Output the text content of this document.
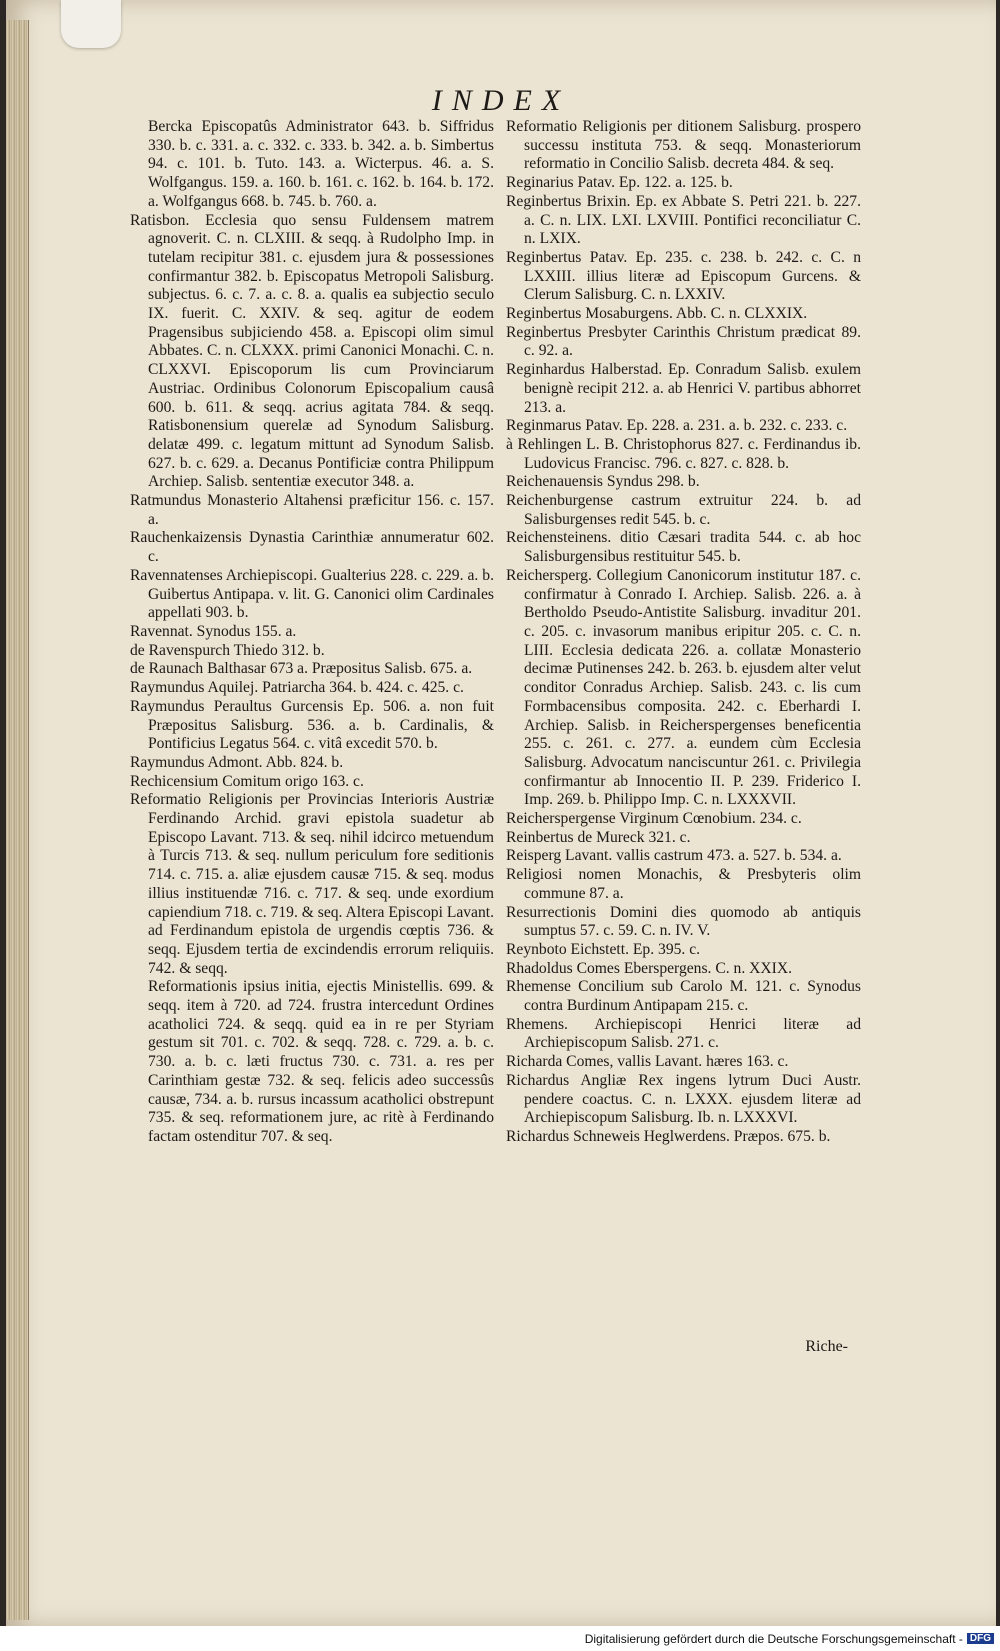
INDEX

Bercka Episcopatûs Administrator 643. b. Siffridus 330. b. c. 331. a. c. 332. c. 333. b. 342. a. b. Simbertus 94. c. 101. b. Tuto. 143. a. Wicterpus. 46. a. S. Wolfgangus. 159. a. 160. b. 161. c. 162. b. 164. b. 172. a. Wolfgangus 668. b. 745. b. 760. a.

Ratisbon. Ecclesia quo sensu Fuldensem matrem agnoverit. C. n. CLXIII. & seqq. à Rudolpho Imp. in tutelam recipitur 381. c. ejusdem jura & possessiones confirmantur 382. b. Episcopatus Metropoli Salisburg. subjectus. 6. c. 7. a. c. 8. a. qualis ea subjectio seculo IX. fuerit. C. XXIV. & seq. agitur de eodem Pragensibus subjiciendo 458. a. Episcopi olim simul Abbates. C. n. CLXXX. primi Canonici Monachi. C. n. CLXXVI. Episcoporum lis cum Provinciarum Austriac. Ordinibus Colonorum Episcopalium causâ 600. b. 611. & seqq. acrius agitata 784. & seqq. Ratisbonensium querelæ ad Synodum Salisburg. delatæ 499. c. legatum mittunt ad Synodum Salisb. 627. b. c. 629. a. Decanus Pontificiæ contra Philippum Archiep. Salisb. sententiæ executor 348. a.

Ratmundus Monasterio Altahensi præficitur 156. c. 157. a.

Rauchenkaizensis Dynastia Carinthiæ annumeratur 602. c.

Ravennatenses Archiepiscopi. Gualterius 228. c. 229. a. b. Guibertus Antipapa. v. lit. G. Canonici olim Cardinales appellati 903. b.

Ravennat. Synodus 155. a.

de Ravenspurch Thiedo 312. b.

de Raunach Balthasar 673 a. Præpositus Salisb. 675. a.

Raymundus Aquilej. Patriarcha 364. b. 424. c. 425. c.

Raymundus Peraultus Gurcensis Ep. 506. a. non fuit Præpositus Salisburg. 536. a. b. Cardinalis, & Pontificius Legatus 564. c. vitâ excedit 570. b.

Raymundus Admont. Abb. 824. b.

Rechicensium Comitum origo 163. c.

Reformatio Religionis per Provincias Interioris Austriæ Ferdinando Archid. gravi epistola suadetur ab Episcopo Lavant. 713. & seq. nihil idcirco metuendum à Turcis 713. & seq. nullum periculum fore seditionis 714. c. 715. a. aliæ ejusdem causæ 715. & seq. modus illius instituendæ 716. c. 717. & seq. unde exordium capiendium 718. c. 719. & seq. Altera Episcopi Lavant. ad Ferdinandum epistola de urgendis cœptis 736. & seqq. Ejusdem tertia de excindendis errorum reliquiis. 742. & seqq.

Reformationis ipsius initia, ejectis Ministellis. 699. & seqq. item à 720. ad 724. frustra intercedunt Ordines acatholici 724. & seqq. quid ea in re per Styriam gestum sit 701. c. 702. & seqq. 728. c. 729. a. b. c. 730. a. b. c. læti fructus 730. c. 731. a. res per Carinthiam gestæ 732. & seq. felicis adeo successûs causæ, 734. a. b. rursus incassum acatholici obstrepunt 735. & seq. reformationem jure, ac ritè à Ferdinando factam ostenditur 707. & seq.

Reformatio Religionis per ditionem Salisburg. prospero successu instituta 753. & seqq. Monasteriorum reformatio in Concilio Salisb. decreta 484. & seq.

Reginarius Patav. Ep. 122. a. 125. b.

Reginbertus Brixin. Ep. ex Abbate S. Petri 221. b. 227. a. C. n. LIX. LXI. LXVIII. Pontifici reconciliatur C. n. LXIX.

Reginbertus Patav. Ep. 235. c. 238. b. 242. c. C. n LXXIII. illius literæ ad Episcopum Gurcens. & Clerum Salisburg. C. n. LXXIV.

Reginbertus Mosaburgens. Abb. C. n. CLXXIX.

Reginbertus Presbyter Carinthis Christum prædicat 89. c. 92. a.

Reginhardus Halberstad. Ep. Conradum Salisb. exulem benignè recipit 212. a. ab Henrici V. partibus abhorret 213. a.

Reginmarus Patav. Ep. 228. a. 231. a. b. 232. c. 233. c.

à Rehlingen L. B. Christophorus 827. c. Ferdinandus ib. Ludovicus Francisc. 796. c. 827. c. 828. b.

Reichenauensis Syndus 298. b.

Reichenburgense castrum extruitur 224. b. ad Salisburgenses redit 545. b. c.

Reichensteinens. ditio Cæsari tradita 544. c. ab hoc Salisburgensibus restituitur 545. b.

Reichersperg. Collegium Canonicorum institutur 187. c. confirmatur à Conrado I. Archiep. Salisb. 226. a. à Bertholdo Pseudo-Antistite Salisburg. invaditur 201. c. 205. c. invasorum manibus eripitur 205. c. C. n. LIII. Ecclesia dedicata 226. a. collatæ Monasterio decimæ Putinenses 242. b. 263. b. ejusdem alter velut conditor Conradus Archiep. Salisb. 243. c. lis cum Formbacensibus composita. 242. c. Eberhardi I. Archiep. Salisb. in Reicherspergenses beneficentia 255. c. 261. c. 277. a. eundem cùm Ecclesia Salisburg. Advocatum nanciscuntur 261. c. Privilegia confirmantur ab Innocentio II. P. 239. Friderico I. Imp. 269. b. Philippo Imp. C. n. LXXXVII.

Reicherspergense Virginum Cœnobium. 234. c.

Reinbertus de Mureck 321. c.

Reisperg Lavant. vallis castrum 473. a. 527. b. 534. a.

Religiosi nomen Monachis, & Presbyteris olim commune 87. a.

Resurrectionis Domini dies quomodo ab antiquis sumptus 57. c. 59. C. n. IV. V.

Reynboto Eichstett. Ep. 395. c.

Rhadoldus Comes Eberspergens. C. n. XXIX.

Rhemense Concilium sub Carolo M. 121. c. Synodus contra Burdinum Antipapam 215. c.

Rhemens. Archiepiscopi Henrici literæ ad Archiepiscopum Salisb. 271. c.

Richarda Comes, vallis Lavant. hæres 163. c.

Richardus Angliæ Rex ingens lytrum Duci Austr. pendere coactus. C. n. LXXX. ejusdem literæ ad Archiepiscopum Salisburg. Ib. n. LXXXVI.

Richardus Schneweis Heglwerdens. Præpos. 675. b.

Riche-
Digitalisierung gefördert durch die Deutsche Forschungsgemeinschaft - DFG
